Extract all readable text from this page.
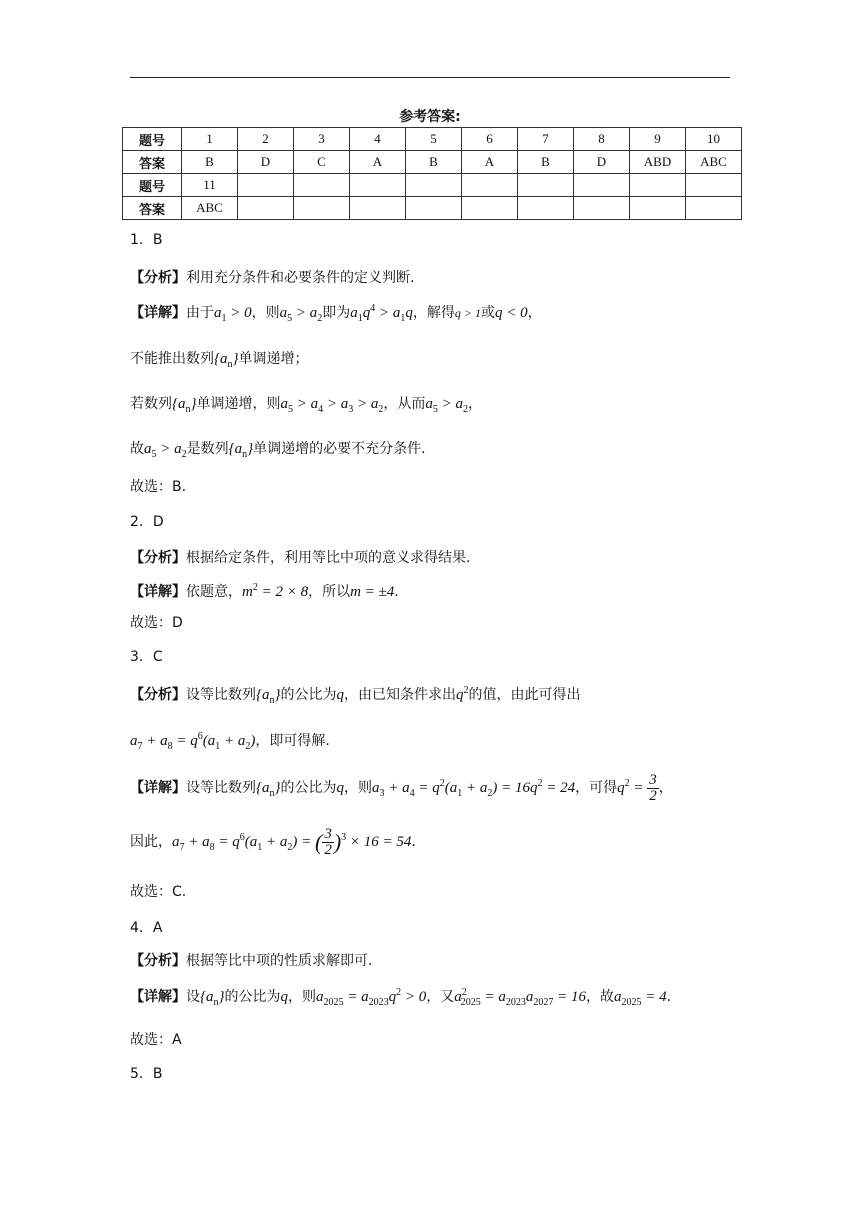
参考答案:
题号	1	2	3	4	5	6	7	8	9	10
答案	B	D	C	A	B	A	B	D	ABD	ABC
题号	11									
答案	ABC									
1．B
【分析】利用充分条件和必要条件的定义判断.
【详解】由于$a_1 > 0$，则$a_5 > a_2$即为$a_1q^4 > a_1q$，解得q > 1或q < 0，
不能推出数列$\{a_n\}$单调递增；
若数列$\{a_n\}$单调递增，则$a_5 > a_4 > a_3 > a_2$，从而$a_5 > a_2$，
故$a_5 > a_2$是数列$\{a_n\}$单调递增的必要不充分条件.
故选：B.
2．D
【分析】根据给定条件，利用等比中项的意义求得结果.
【详解】依题意，$m^2 = 2 \times 8$，所以m = ±4.
故选：D
3．C
【分析】设等比数列$\{a_n\}$的公比为q，由已知条件求出$q^2$的值，由此可得出
$a_7 + a_8 = q^6(a_1 + a_2)$，即可得解.
【详解】设等比数列$\{a_n\}$的公比为q，则$a_3 + a_4 = q^2(a_1 + a_2) = 16q^2 = 24$，可得$q^2 = \frac{3}{2}$ ，
因此，$a_7 + a_8 = q^6(a_1 + a_2)$ = ( $\frac{3}{2} )^3 \times 16 = 54$.
故选：C.
4．A
【分析】根据等比中项的性质求解即可.
【详解】设$\{a_n\}$的公比为q，则$a_{2025} = a_{2023}q^2 > 0$，又$a^2_{2025} = a_{2023}a_{2027} = 16$，故$a_{2025} = 4$.
故选：A
5．B
